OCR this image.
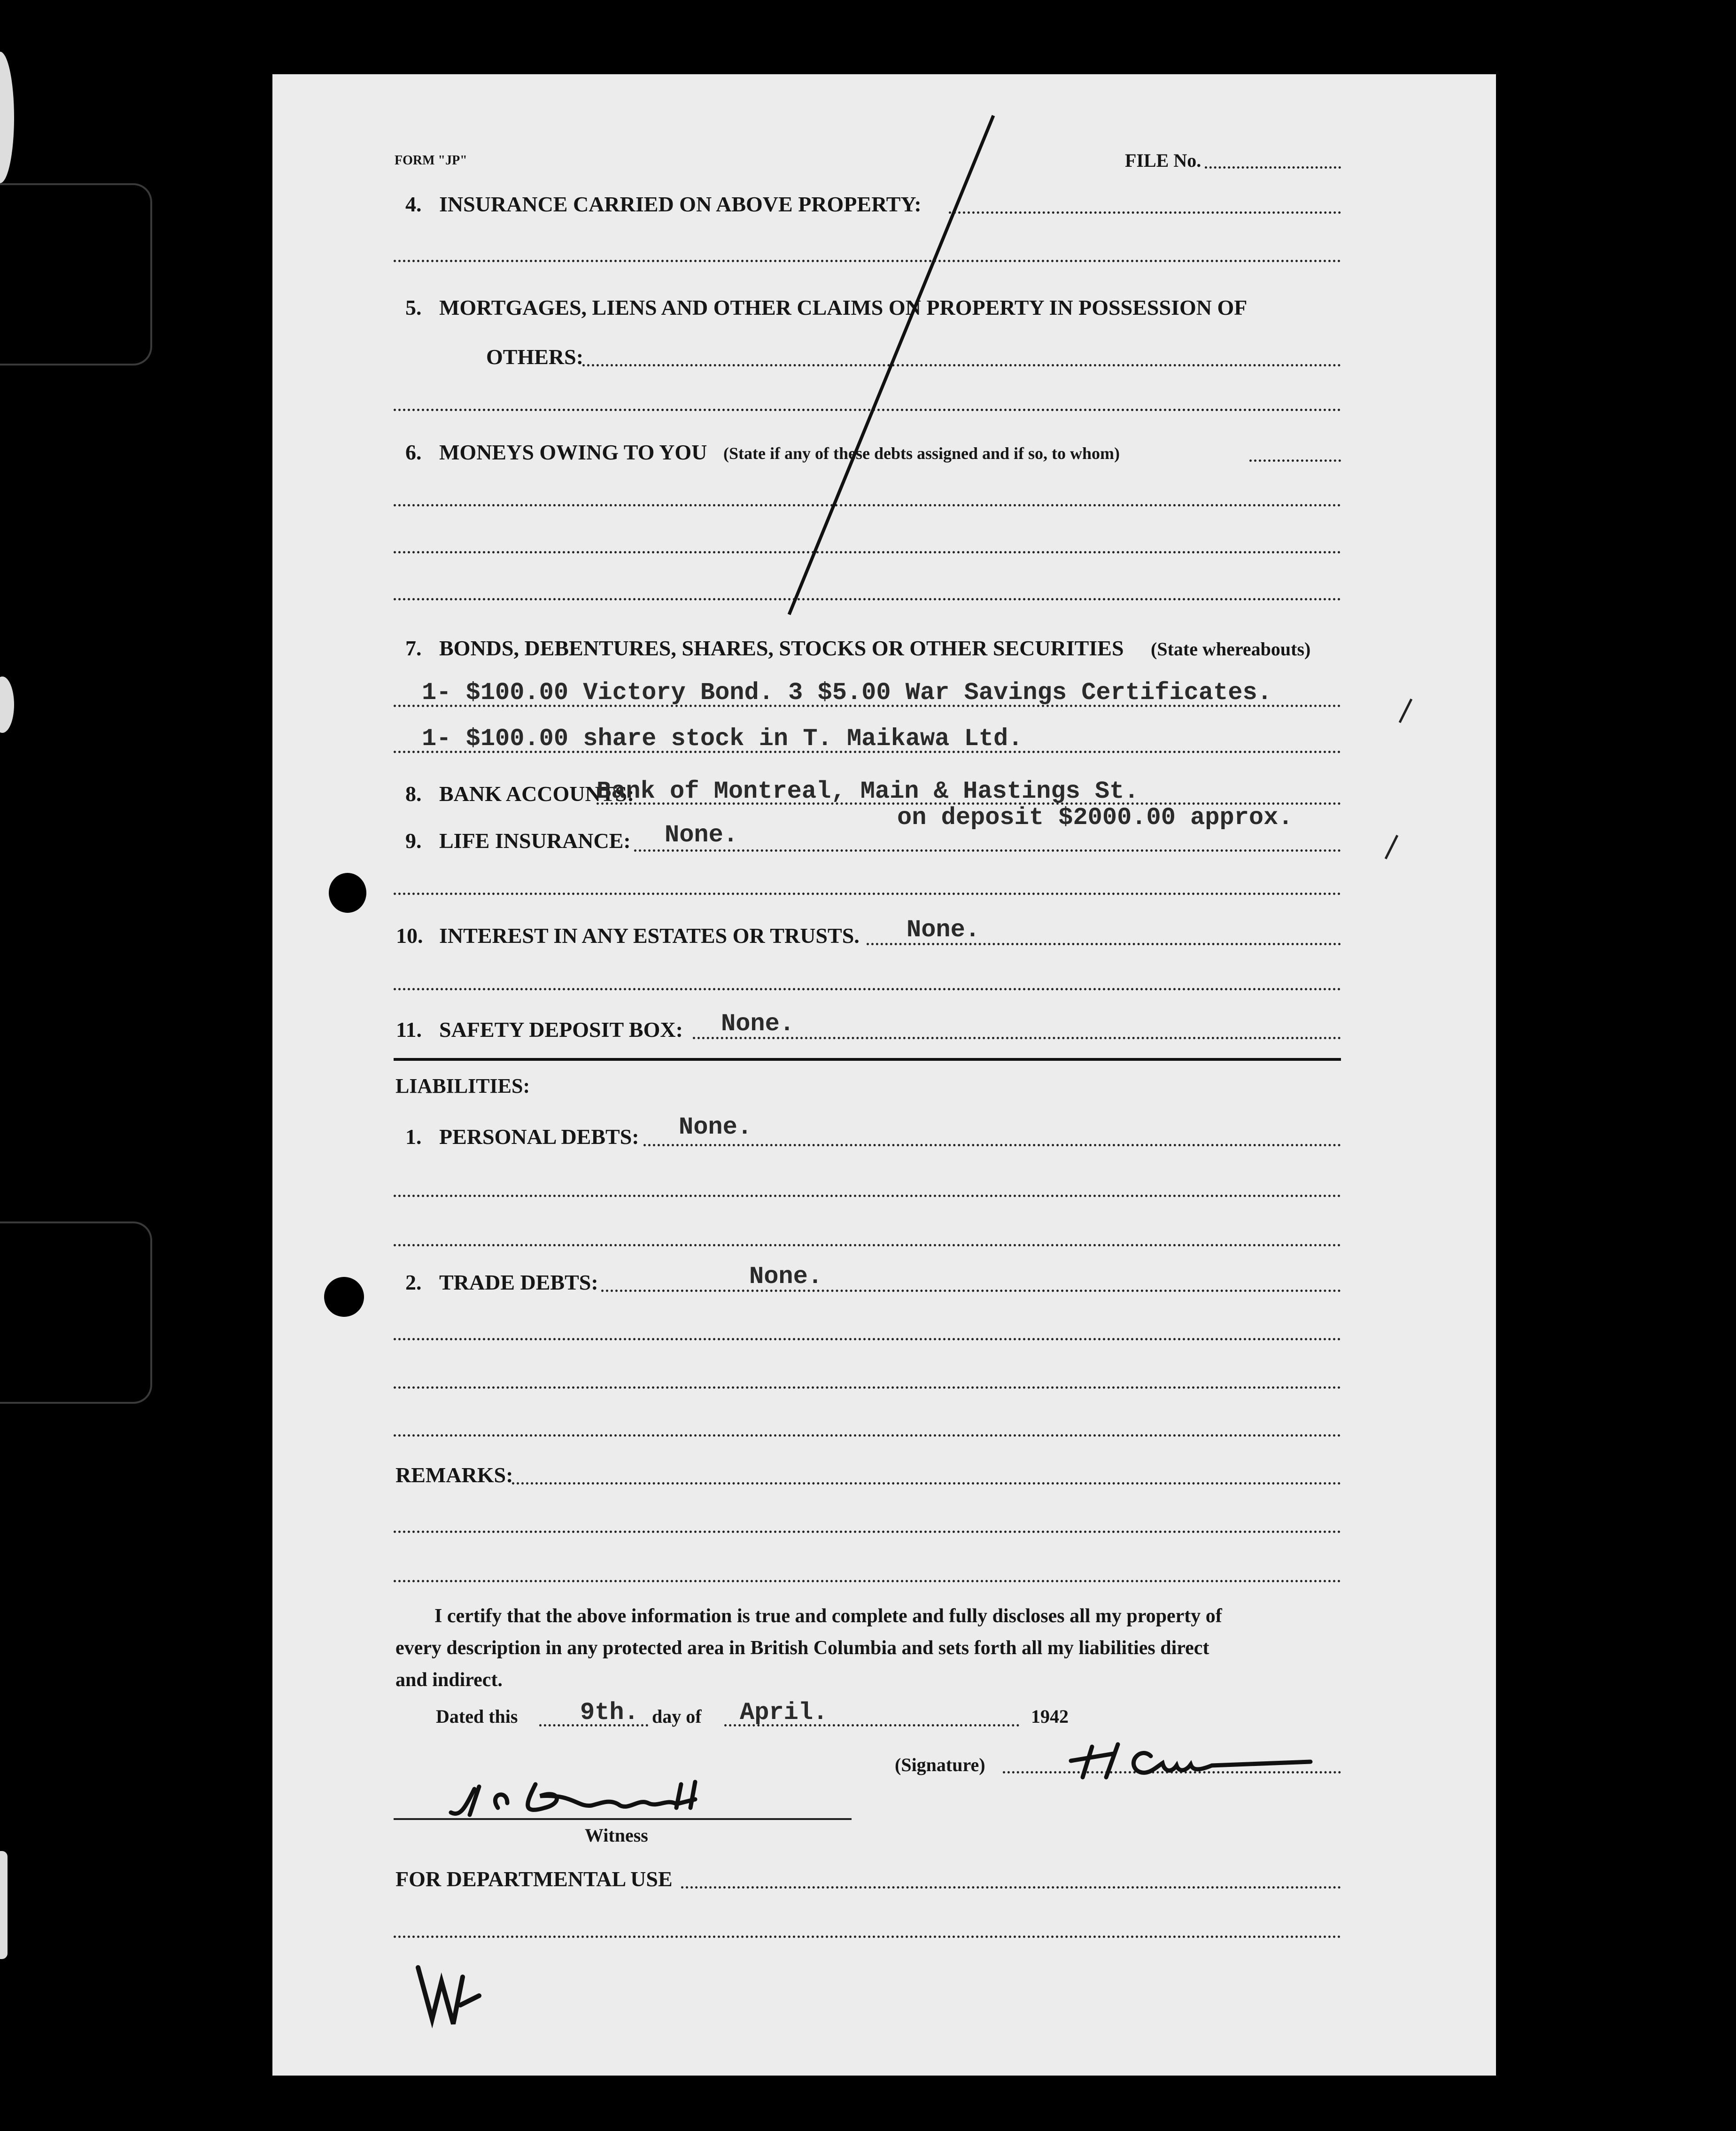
FORM "JP"	FILE No.
4. INSURANCE CARRIED ON ABOVE PROPERTY:
5. MORTGAGES, LIENS AND OTHER CLAIMS ON PROPERTY IN POSSESSION OF
OTHERS:
6. MONEYS OWING TO YOU (State if any of these debts assigned and if so, to whom)
7. BONDS, DEBENTURES, SHARES, STOCKS OR OTHER SECURITIES (State whereabouts)
1- $100.00 Victory Bond. 3 $5.00 War Savings Certificates.
1- $100.00 share stock in T. Maikawa Ltd.
8. BANK ACCOUNTS:
Bank of Montreal, Main & Hastings St.
on deposit $2000.00 approx.
9. LIFE INSURANCE: None.
10. INTEREST IN ANY ESTATES OR TRUSTS. None.
11. SAFETY DEPOSIT BOX: None.
LIABILITIES:
1. PERSONAL DEBTS: None.
2. TRADE DEBTS:	None.
REMARKS:
I certify that the above information is true and complete and fully discloses all my property of
every description in any protected area in British Columbia and sets forth all my liabilities direct
and indirect.
Dated this	9th. day of April.	1942
(Signature)
Witness
FOR DEPARTMENTAL USE
